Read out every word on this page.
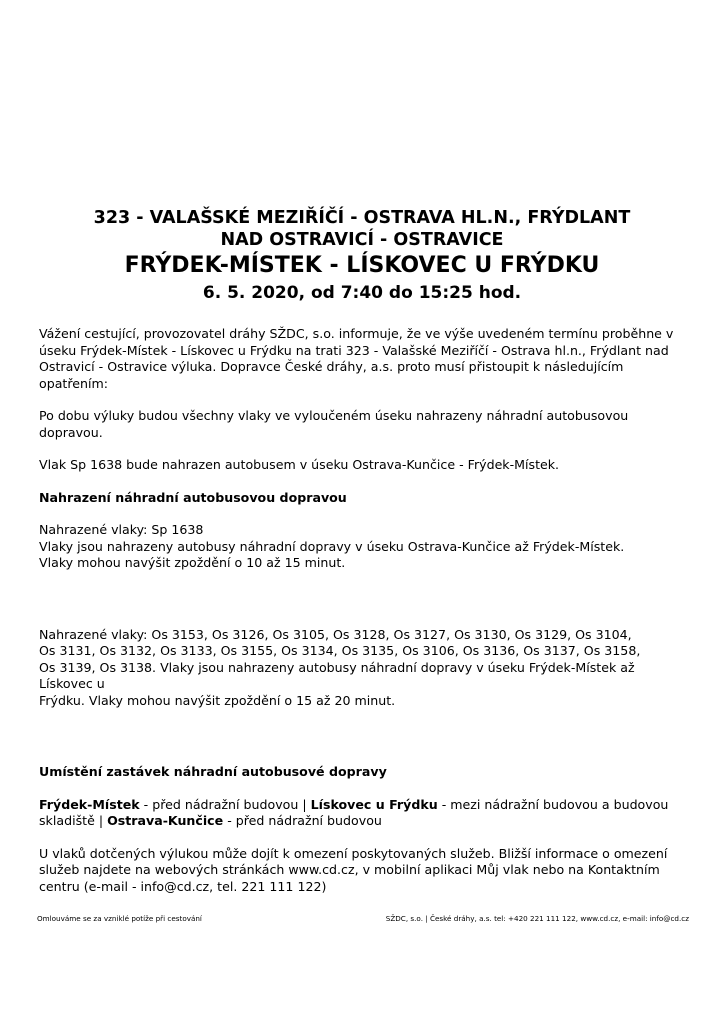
323 - VALAŠSKÉ MEZIŘÍČÍ - OSTRAVA HL.N., FRÝDLANT
NAD OSTRAVICÍ - OSTRAVICE
FRÝDEK-MÍSTEK - LÍSKOVEC U FRÝDKU
6. 5. 2020, od 7:40 do 15:25 hod.

Vážení cestující, provozovatel dráhy SŽDC, s.o. informuje, že ve výše uvedeném termínu proběhne v úseku Frýdek-Místek - Lískovec u Frýdku na trati 323 - Valašské Meziříčí - Ostrava hl.n., Frýdlant nad Ostravicí - Ostravice výluka. Dopravce České dráhy, a.s. proto musí přistoupit k následujícím opatřením:

Po dobu výluky budou všechny vlaky ve vyloučeném úseku nahrazeny náhradní autobusovou dopravou.

Vlak Sp 1638 bude nahrazen autobusem v úseku Ostrava-Kunčice - Frýdek-Místek.

Nahrazení náhradní autobusovou dopravou

Nahrazené vlaky: Sp 1638
Vlaky jsou nahrazeny autobusy náhradní dopravy v úseku Ostrava-Kunčice až Frýdek-Místek.
Vlaky mohou navýšit zpoždění o 10 až 15 minut.

Nahrazené vlaky: Os 3153, Os 3126, Os 3105, Os 3128, Os 3127, Os 3130, Os 3129, Os 3104,
Os 3131, Os 3132, Os 3133, Os 3155, Os 3134, Os 3135, Os 3106, Os 3136, Os 3137, Os 3158,
Os 3139, Os 3138. Vlaky jsou nahrazeny autobusy náhradní dopravy v úseku Frýdek-Místek až Lískovec u
Frýdku. Vlaky mohou navýšit zpoždění o 15 až 20 minut.

Umístění zastávek náhradní autobusové dopravy

Frýdek-Místek - před nádražní budovou | Lískovec u Frýdku - mezi nádražní budovou a budovou skladiště | Ostrava-Kunčice - před nádražní budovou

U vlaků dotčených výlukou může dojít k omezení poskytovaných služeb. Bližší informace o omezení služeb najdete na webových stránkách www.cd.cz, v mobilní aplikaci Můj vlak nebo na Kontaktním centru (e-mail - info@cd.cz, tel. 221 111 122)

Omlouváme se za vzniklé potíže při cestování	SŽDC, s.o. | České dráhy, a.s. tel: +420 221 111 122, www.cd.cz, e-mail: info@cd.cz
